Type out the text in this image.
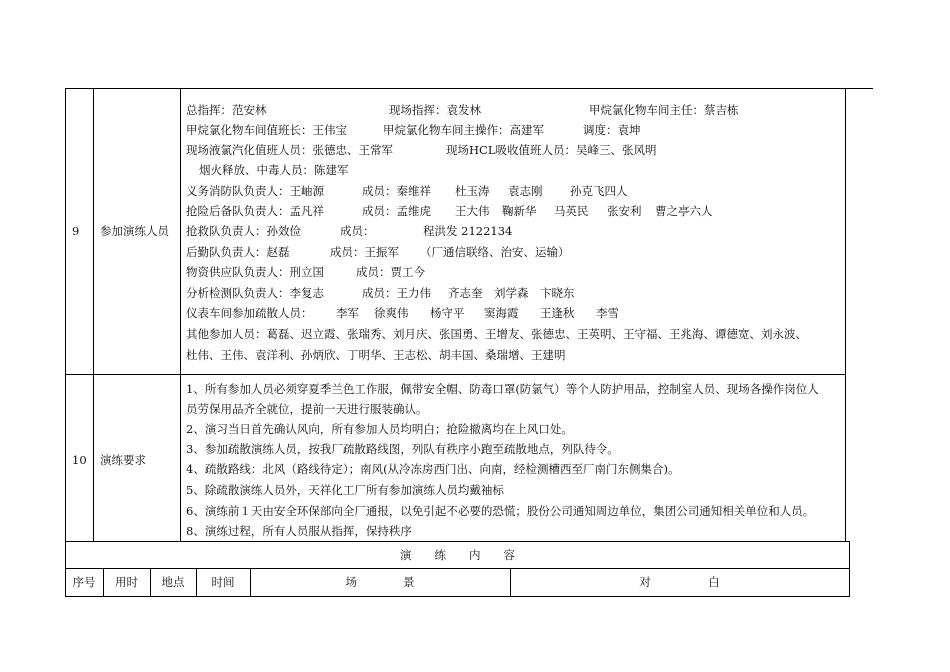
9 参加演练人员
总指挥：范安林	现场指挥：袁发林	甲烷氯化物车间主任：蔡吉栋
甲烷氯化物车间值班长：王伟宝	甲烷氯化物车间主操作：高建军	调度：袁坤
现场液氯汽化值班人员：张德忠、王常军	现场HCL吸收值班人员：吴峰三、张风明
烟火释放、中毒人员：陈建军
义务消防队负责人：王岫源	成员：秦维祥 杜玉涛 袁志刚 孙克飞四人
抢险后备队负责人：孟凡祥	成员：孟维虎 王大伟 鞠新华 马英民 张安利 曹之亭六人
抢救队负责人：孙效俭	成员：	程洪发 2122134
后勤队负责人：赵磊	成员：王振军 （厂通信联络、治安、运输）
物资供应队负责人：刑立国	成员：贾工今
分析检测队负责人：李复志	成员：王力伟 齐志奎 刘学森 卞晓东
仪表车间参加疏散人员： 李军 徐爽伟 杨守平 窦海霞 王逢秋 李雪
其他参加人员：葛磊、迟立霞、张瑞秀、刘月庆、张国勇、王增友、张德忠、王英明、王守福、王兆海、谭德宽、刘永波、
杜伟、王伟、袁洋利、孙炳欣、丁明华、王志松、胡丰国、桑瑞增、王建明
10 演练要求
1、所有参加人员必须穿夏季兰色工作服，佩带安全帽、防毒口罩(防氯气）等个人防护用品，控制室人员、现场各操作岗位人
员劳保用品齐全就位，提前一天进行服装确认。
2、演习当日首先确认风向，所有参加人员均明白；抢险撤离均在上风口处。
3、参加疏散演练人员，按我厂疏散路线图，列队有秩序小跑至疏散地点，列队待令。
4、疏散路线：北风（路线待定）；南风(从冷冻房西门出、向南，经检测槽西至厂南门东侧集合)。
5、除疏散演练人员外，天祥化工厂所有参加演练人员均戴袖标
6、演练前１天由安全环保部向全厂通报，以免引起不必要的恐慌；股份公司通知周边单位，集团公司通知相关单位和人员。
8、演练过程，所有人员服从指挥，保持秩序
演　　练　　内　　容
序号	用时	地点	时间	场　　　　景	对　　　　　白
